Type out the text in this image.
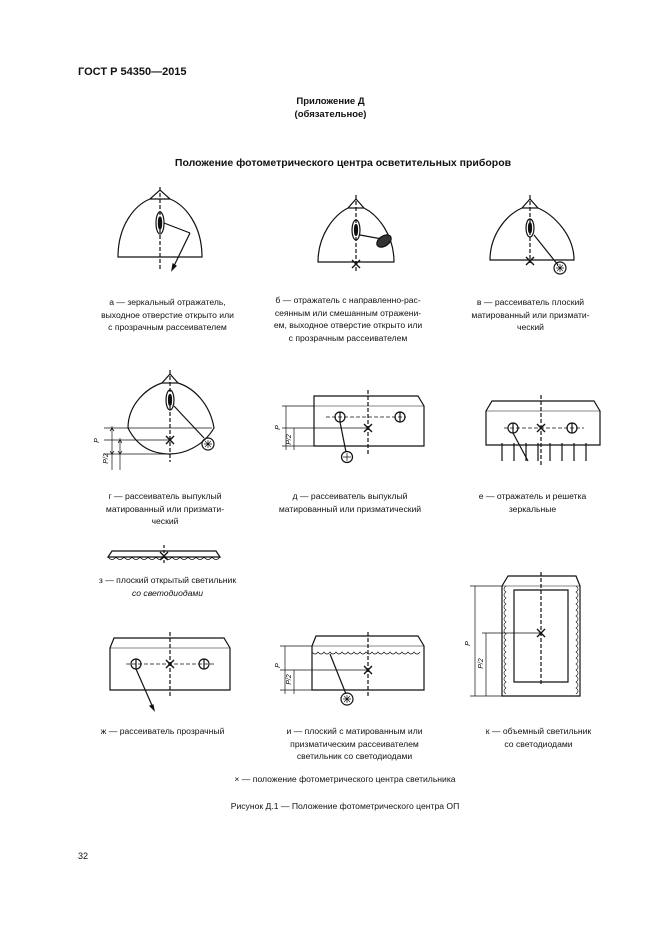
ГОСТ Р 54350—2015
Приложение Д
(обязательное)
Положение фотометрического центра осветительных приборов
P
P/2
P
P/2
P
P/2
P
P/2
а — зеркальный отражатель,
выходное отверстие открыто или
с прозрачным рассеивателем
б — отражатель с направленно-рас-
сеянным или смешанным отражени-
ем, выходное отверстие открыто или
с прозрачным рассеивателем
в — рассеиватель плоский
матированный или призмати-
ческий
г — рассеиватель выпуклый
матированный или призмати-
ческий
д — рассеиватель выпуклый
матированный или призматический
е — отражатель и решетка
зеркальные
з — плоский открытый светильник
со светодиодами
ж — рассеиватель прозрачный	и — плоский с матированным или
призматическим рассеивателем
светильник со светодиодами
к — объемный светильник
со светодиодами
× — положение фотометрического центра светильника
Рисунок Д.1 — Положение фотометрического центра ОП
32
